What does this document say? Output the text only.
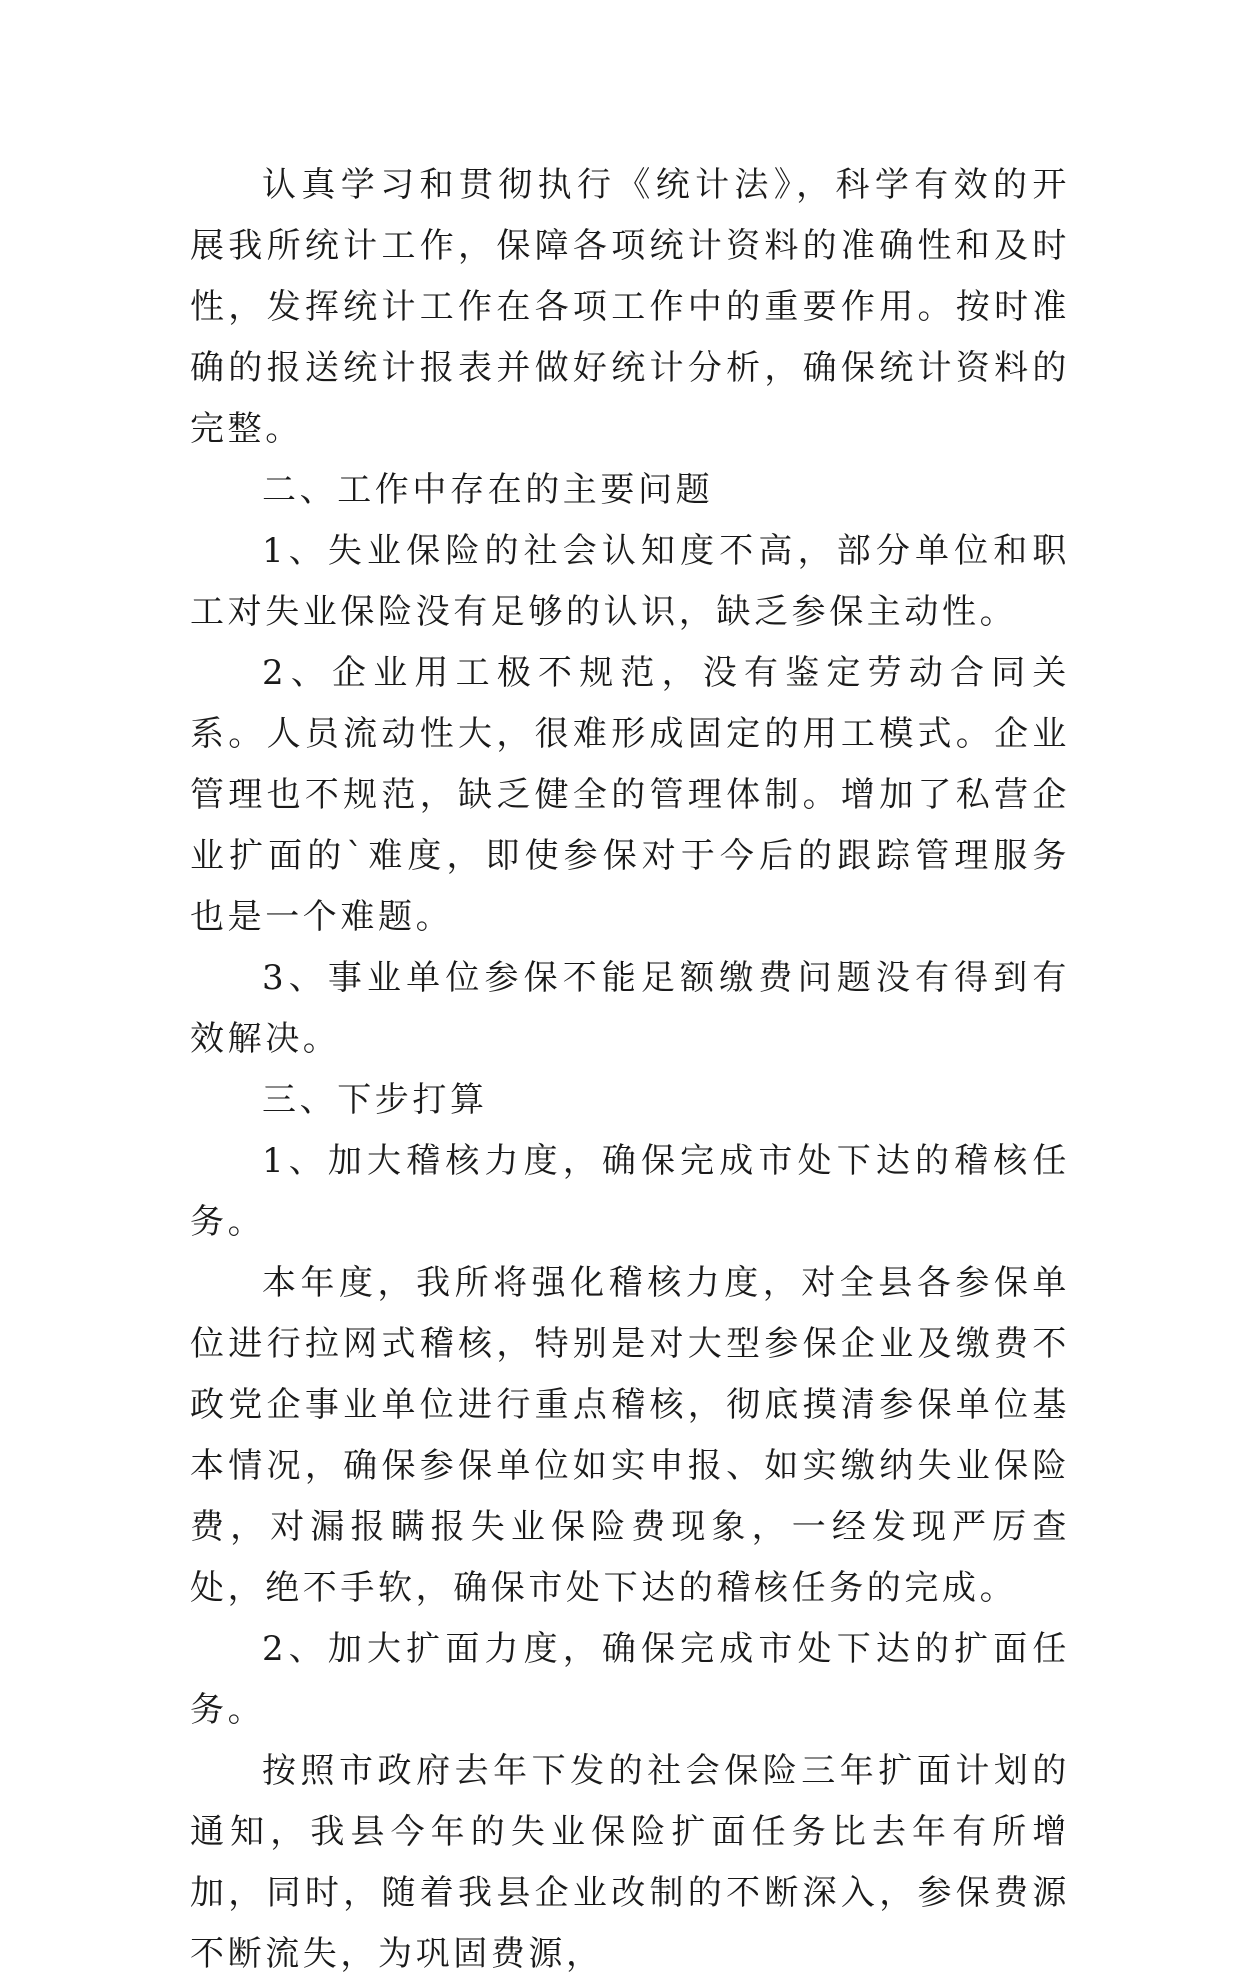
认真学习和贯彻执行《统计法》，科学有效的开展我所统计工作，保障各项统计资料的准确性和及时性，发挥统计工作在各项工作中的重要作用。按时准确的报送统计报表并做好统计分析，确保统计资料的完整。

二、工作中存在的主要问题

1、失业保险的社会认知度不高，部分单位和职工对失业保险没有足够的认识，缺乏参保主动性。

2、企业用工极不规范，没有鉴定劳动合同关系。人员流动性大，很难形成固定的用工模式。企业管理也不规范，缺乏健全的管理体制。增加了私营企业扩面的`难度，即使参保对于今后的跟踪管理服务也是一个难题。

3、事业单位参保不能足额缴费问题没有得到有效解决。

三、下步打算

1、加大稽核力度，确保完成市处下达的稽核任务。

本年度，我所将强化稽核力度，对全县各参保单位进行拉网式稽核，特别是对大型参保企业及缴费不政党企事业单位进行重点稽核，彻底摸清参保单位基本情况，确保参保单位如实申报、如实缴纳失业保险费，对漏报瞒报失业保险费现象，一经发现严厉查处，绝不手软，确保市处下达的稽核任务的完成。

2、加大扩面力度，确保完成市处下达的扩面任务。

按照市政府去年下发的社会保险三年扩面计划的通知，我县今年的失业保险扩面任务比去年有所增加，同时，随着我县企业改制的不断深入，参保费源不断流失，为巩固费源，
